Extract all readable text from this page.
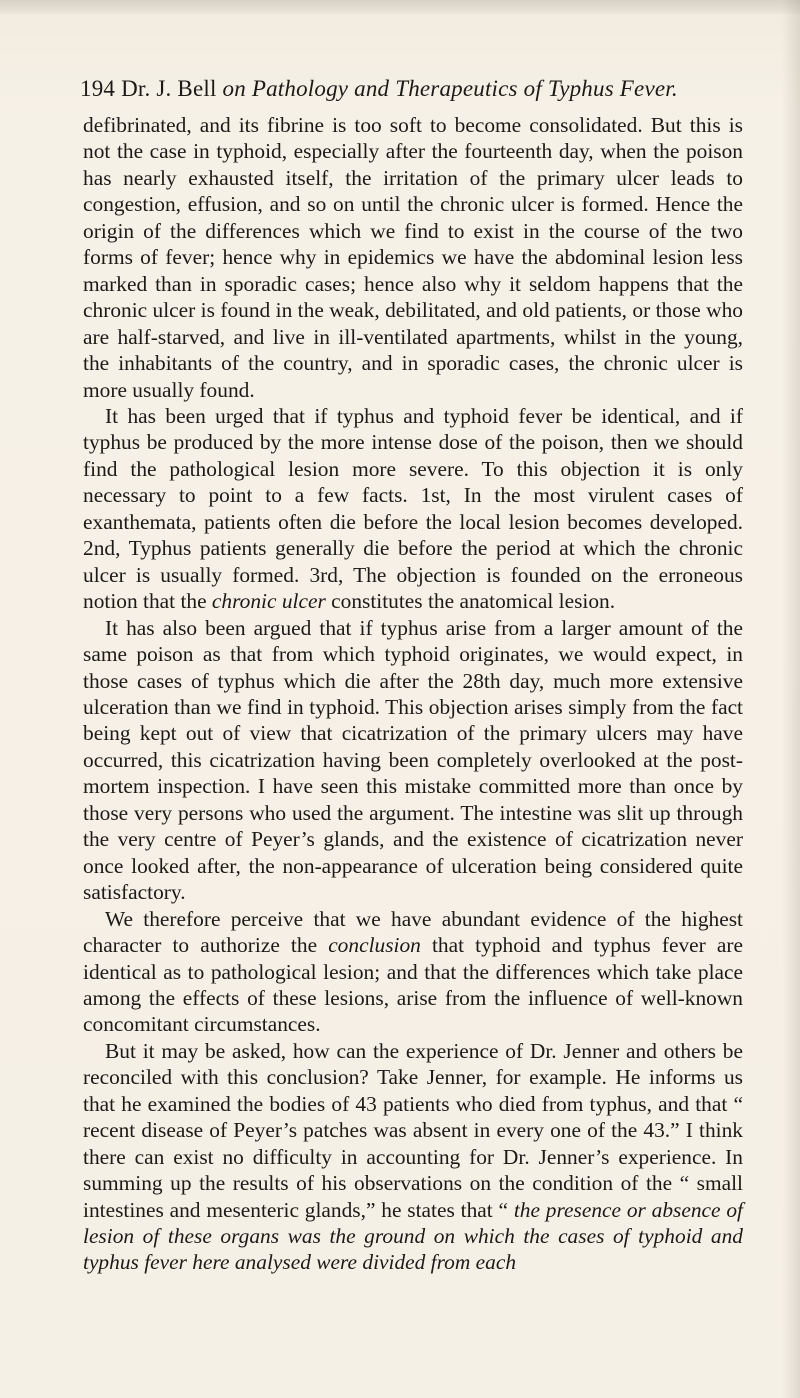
194 Dr. J. Bell on Pathology and Therapeutics of Typhus Fever.

defibrinated, and its fibrine is too soft to become consolidated. But this is not the case in typhoid, especially after the fourteenth day, when the poison has nearly exhausted itself, the irritation of the primary ulcer leads to congestion, effusion, and so on until the chronic ulcer is formed. Hence the origin of the differences which we find to exist in the course of the two forms of fever; hence why in epidemics we have the abdominal lesion less marked than in sporadic cases; hence also why it seldom happens that the chronic ulcer is found in the weak, debilitated, and old patients, or those who are half-starved, and live in ill-ventilated apartments, whilst in the young, the inhabitants of the country, and in sporadic cases, the chronic ulcer is more usually found.

It has been urged that if typhus and typhoid fever be identical, and if typhus be produced by the more intense dose of the poison, then we should find the pathological lesion more severe. To this objection it is only necessary to point to a few facts. 1st, In the most virulent cases of exanthemata, patients often die before the local lesion becomes developed. 2nd, Typhus patients generally die before the period at which the chronic ulcer is usually formed. 3rd, The objection is founded on the erroneous notion that the chronic ulcer constitutes the anatomical lesion.

It has also been argued that if typhus arise from a larger amount of the same poison as that from which typhoid originates, we would expect, in those cases of typhus which die after the 28th day, much more extensive ulceration than we find in typhoid. This objection arises simply from the fact being kept out of view that cicatrization of the primary ulcers may have occurred, this cicatrization having been completely overlooked at the post-mortem inspection. I have seen this mistake committed more than once by those very persons who used the argument. The intestine was slit up through the very centre of Peyer’s glands, and the existence of cicatrization never once looked after, the non-appearance of ulceration being considered quite satisfactory.

We therefore perceive that we have abundant evidence of the highest character to authorize the conclusion that typhoid and typhus fever are identical as to pathological lesion; and that the differences which take place among the effects of these lesions, arise from the influence of well-known concomitant circumstances.

But it may be asked, how can the experience of Dr. Jenner and others be reconciled with this conclusion? Take Jenner, for example. He informs us that he examined the bodies of 43 patients who died from typhus, and that “ recent disease of Peyer’s patches was absent in every one of the 43.” I think there can exist no difficulty in accounting for Dr. Jenner’s experience. In summing up the results of his observations on the condition of the “ small intestines and mesenteric glands,” he states that “ the presence or absence of lesion of these organs was the ground on which the cases of typhoid and typhus fever here analysed were divided from each
